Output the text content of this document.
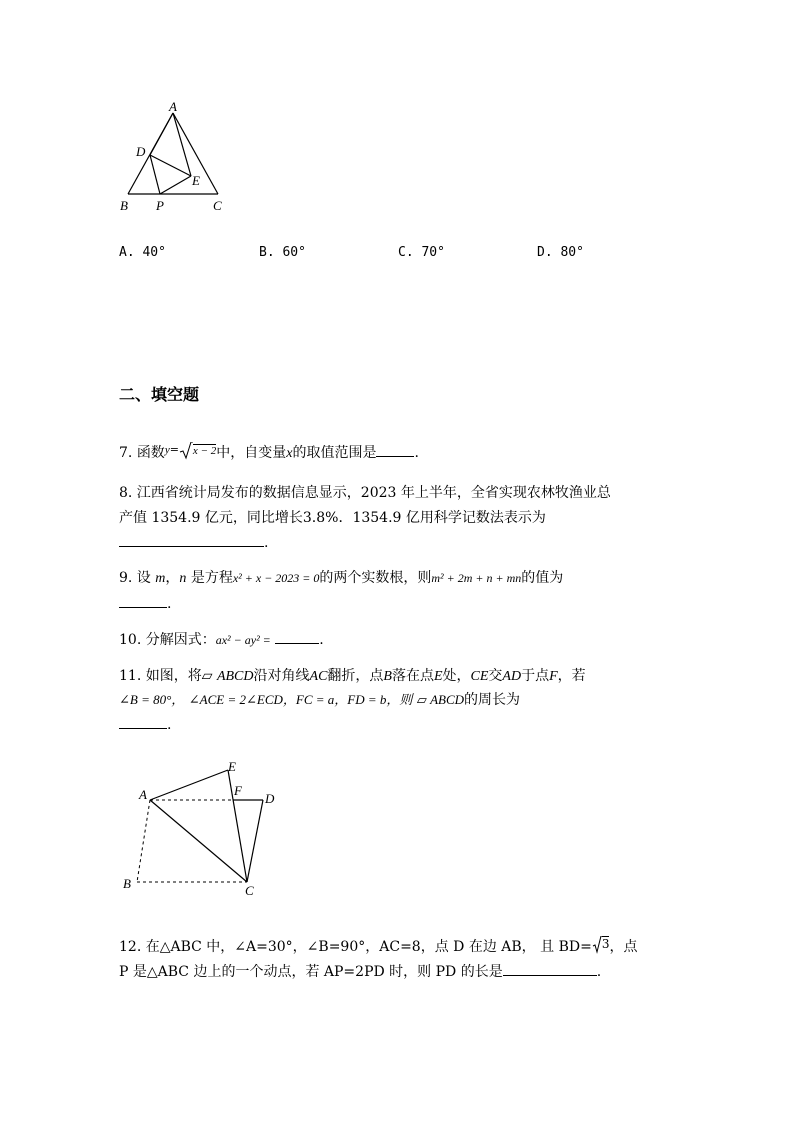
A
D
E
B P	C
A. 40°	B. 60°	C. 70°	D. 80°
二、填空题
7. 函数$^{y=}$ x − 2中，自变量x的取值范围是	.
8. 江西省统计局发布的数据信息显示，2023 年上半年，全省实现农林牧渔业总
产值 1354.9 亿元，同比增长3.8%．1354.9 亿用科学记数法表示为
.
9. 设 m，n 是方程x² + x − 2023 = 0的两个实数根，则m² + 2m + n + mn的值为
.
10. 分解因式：ax² − ay² =	.
11. 如图，将▱ ABCD沿对角线AC翻折，点B落在点E处，CE交AD于点F，若
∠B = 80°， ∠ACE = 2∠ECD，FC = a，FD = b，则 ▱ ABCD的周长为
.
A
E
F
D
B	C
12. 在△ABC 中，∠A=30°，∠B=90°，AC=8，点 D 在边 AB， 且 BD= 3，点
P 是△ABC 边上的一个动点，若 AP=2PD 时，则 PD 的长是	.
